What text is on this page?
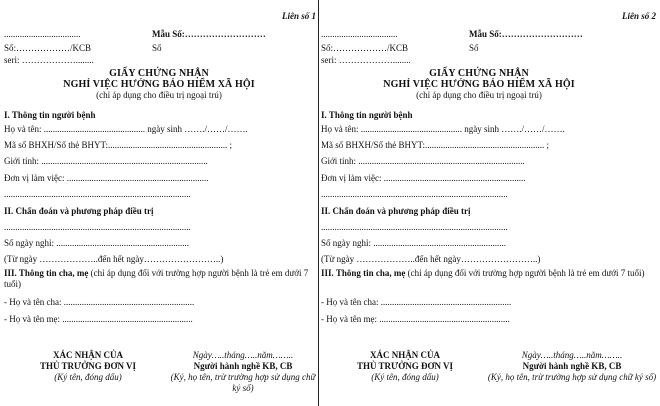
Liên số 1
..................................	Mẫu Số:………………………
Số:………………/KCB	Số
seri: ………………........
GIẤY CHỨNG NHẬN
NGHỈ VIỆC HƯỞNG BẢO HIỂM XÃ HỘI
(chỉ áp dụng cho điều trị ngoại trú)
I. Thông tin người bệnh
Họ và tên: ............................................. ngày sinh ……./……/…….
Mã số BHXH/Số thẻ BHYT:..................................................... ;
Giới tính: ..........................................................................
Đơn vị làm việc: ...............................................................
...................................................................................
II. Chẩn đoán và phương pháp điều trị
...................................................................................
Số ngày nghỉ: ...........................................................
(Từ ngày ………………..đến hết ngày……………………..)
III. Thông tin cha, mẹ (chỉ áp dụng đối với trường hợp người bệnh là trẻ em dưới 7 tuổi)
- Họ và tên cha: ..........................................................
- Họ và tên mẹ: ..........................................................
XÁC NHẬN CỦA
THỦ TRƯỞNG ĐƠN VỊ
(Ký tên, đóng dấu)
Ngày…..tháng…..năm……..
Người hành nghề KB, CB
(Ký, họ tên, trừ trường hợp sử dụng chữ ký số)
Liên số 2
..................................	Mẫu Số:………………………
Số:………………/KCB	Số
seri: ………………........
GIẤY CHỨNG NHẬN
NGHỈ VIỆC HƯỞNG BẢO HIỂM XÃ HỘI
(chỉ áp dụng cho điều trị ngoại trú)
I. Thông tin người bệnh
Họ và tên: ............................................. ngày sinh ……./……/…….
Mã số BHXH/Số thẻ BHYT:..................................................... ;
Giới tính: ..........................................................................
Đơn vị làm việc: ...............................................................
...................................................................................
II. Chẩn đoán và phương pháp điều trị
...................................................................................
Số ngày nghỉ: ...........................................................
(Từ ngày ………………..đến hết ngày……………………..)
III. Thông tin cha, mẹ (chỉ áp dụng đối với trường hợp người bệnh là trẻ em dưới 7 tuổi)
- Họ và tên cha: ..........................................................
- Họ và tên mẹ: ..........................................................
XÁC NHẬN CỦA
THỦ TRƯỞNG ĐƠN VỊ
(Ký tên, đóng dấu)
Ngày…..tháng…..năm……..
Người hành nghề KB, CB
(Ký, họ tên, trừ trường hợp sử dụng chữ ký số)
